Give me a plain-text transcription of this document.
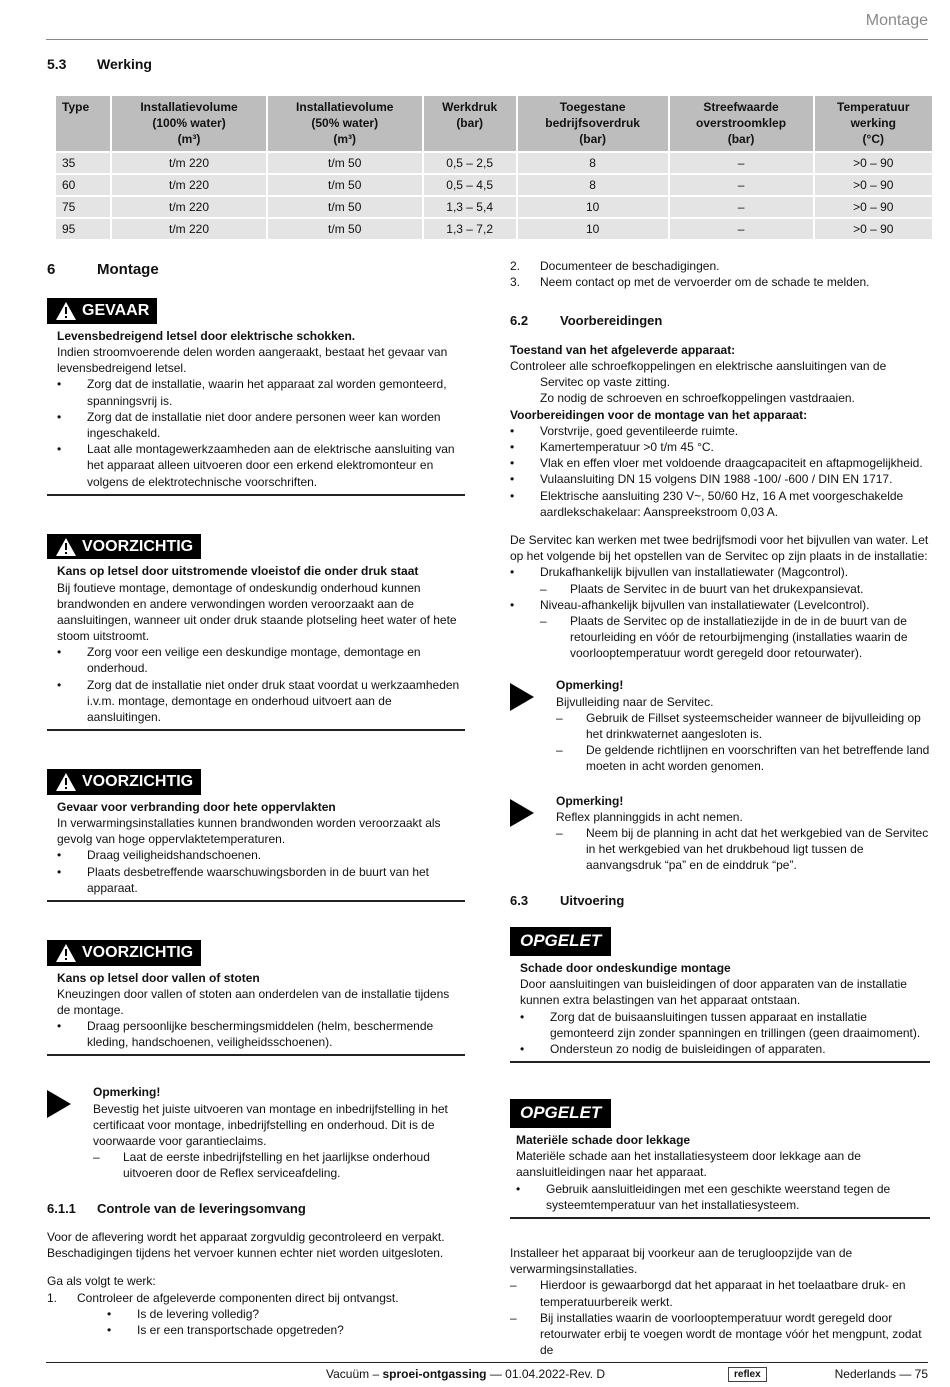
Montage
5.3 Werking
Type	Installatievolume
(100% water)
(m³)	Installatievolume
(50% water)
(m³)	Werkdruk
(bar)	Toegestane
bedrijfsoverdruk
(bar)	Streefwaarde
overstroomklep
(bar)	Temperatuur
werking
(°C)
35	t/m 220	t/m 50	0,5 – 2,5	8	–	>0 – 90
60	t/m 220	t/m 50	0,5 – 4,5	8	–	>0 – 90
75	t/m 220	t/m 50	1,3 – 5,4	10	–	>0 – 90
95	t/m 220	t/m 50	1,3 – 7,2	10	–	>0 – 90
6	Montage
GEVAAR

Levensbedreigend letsel door elektrische schokken.

Indien stroomvoerende delen worden aangeraakt, bestaat het gevaar van levensbedreigend letsel.

• Zorg dat de installatie, waarin het apparaat zal worden gemonteerd, spanningsvrij is.
• Zorg dat de installatie niet door andere personen weer kan worden ingeschakeld.
• Laat alle montagewerkzaamheden aan de elektrische aansluiting van het apparaat alleen uitvoeren door een erkend elektromonteur en volgens de elektrotechnische voorschriften.
VOORZICHTIG

Kans op letsel door uitstromende vloeistof die onder druk staat

Bij foutieve montage, demontage of ondeskundig onderhoud kunnen brandwonden en andere verwondingen worden veroorzaakt aan de aansluitingen, wanneer uit onder druk staande plotseling heet water of hete stoom uitstroomt.

• Zorg voor een veilige een deskundige montage, demontage en onderhoud.
• Zorg dat de installatie niet onder druk staat voordat u werkzaamheden i.v.m. montage, demontage en onderhoud uitvoert aan de aansluitingen.
VOORZICHTIG

Gevaar voor verbranding door hete oppervlakten

In verwarmingsinstallaties kunnen brandwonden worden veroorzaakt als gevolg van hoge oppervlaktetemperaturen.

• Draag veiligheidshandschoenen.
• Plaats desbetreffende waarschuwingsborden in de buurt van het apparaat.
VOORZICHTIG

Kans op letsel door vallen of stoten

Kneuzingen door vallen of stoten aan onderdelen van de installatie tijdens de montage.

• Draag persoonlijke beschermingsmiddelen (helm, beschermende kleding, handschoenen, veiligheidsschoenen).

Opmerking!

Bevestig het juiste uitvoeren van montage en inbedrijfstelling in het certificaat voor montage, inbedrijfstelling en onderhoud. Dit is de voorwaarde voor garantieclaims.

– Laat de eerste inbedrijfstelling en het jaarlijkse onderhoud uitvoeren door de Reflex serviceafdeling.
6.1.1 Controle van de leveringsomvang

Voor de aflevering wordt het apparaat zorgvuldig gecontroleerd en verpakt. Beschadigingen tijdens het vervoer kunnen echter niet worden uitgesloten.

Ga als volgt te werk:

1. Controleer de afgeleverde componenten direct bij ontvangst.
• Is de levering volledig?
• Is er een transportschade opgetreden?
2. Documenteer de beschadigingen.
3. Neem contact op met de vervoerder om de schade te melden.
6.2 Voorbereidingen

Toestand van het afgeleverde apparaat:

Controleer alle schroefkoppelingen en elektrische aansluitingen van de Servitec op vaste zitting.

Zo nodig de schroeven en schroefkoppelingen vastdraaien.

Voorbereidingen voor de montage van het apparaat:

• Vorstvrije, goed geventileerde ruimte.
• Kamertemperatuur >0 t/m 45 °C.
• Vlak en effen vloer met voldoende draagcapaciteit en aftapmogelijkheid.
• Vulaansluiting DN 15 volgens DIN 1988 -100/ -600 / DIN EN 1717.
• Elektrische aansluiting 230 V~, 50/60 Hz, 16 A met voorgeschakelde aardlekschakelaar: Aanspreekstroom 0,03 A.

De Servitec kan werken met twee bedrijfsmodi voor het bijvullen van water. Let op het volgende bij het opstellen van de Servitec op zijn plaats in de installatie:

• Drukafhankelijk bijvullen van installatiewater (Magcontrol).
– Plaats de Servitec in de buurt van het drukexpansievat.
• Niveau-afhankelijk bijvullen van installatiewater (Levelcontrol).
– Plaats de Servitec op de installatiezijde in de in de buurt van de retourleiding en vóór de retourbijmenging (installaties waarin de voorlooptemperatuur wordt geregeld door retourwater).

Opmerking!

Bijvulleiding naar de Servitec.

– Gebruik de Fillset systeemscheider wanneer de bijvulleiding op het drinkwaternet aangesloten is.
– De geldende richtlijnen en voorschriften van het betreffende land moeten in acht worden genomen.

Opmerking!

Reflex planninggids in acht nemen.

– Neem bij de planning in acht dat het werkgebied van de Servitec in het werkgebied van het drukbehoud ligt tussen de aanvangsdruk “pa” en de einddruk “pe”.
6.3 Uitvoering
OPGELET

Schade door ondeskundige montage

Door aansluitingen van buisleidingen of door apparaten van de installatie kunnen extra belastingen van het apparaat ontstaan.

• Zorg dat de buisaansluitingen tussen apparaat en installatie gemonteerd zijn zonder spanningen en trillingen (geen draaimoment).
• Ondersteun zo nodig de buisleidingen of apparaten.
OPGELET

Materiële schade door lekkage

Materiële schade aan het installatiesysteem door lekkage aan de aansluitleidingen naar het apparaat.

• Gebruik aansluitleidingen met een geschikte weerstand tegen de systeemtemperatuur van het installatiesysteem.

Installeer het apparaat bij voorkeur aan de terugloopzijde van de verwarmingsinstallaties.

– Hierdoor is gewaarborgd dat het apparaat in het toelaatbare druk- en temperatuurbereik werkt.
– Bij installaties waarin de voorlooptemperatuur wordt geregeld door retourwater erbij te voegen wordt de montage vóór het mengpunt, zodat de
Vacuüm – sproei-ontgassing — 01.04.2022-Rev. D	reflex	Nederlands — 75
